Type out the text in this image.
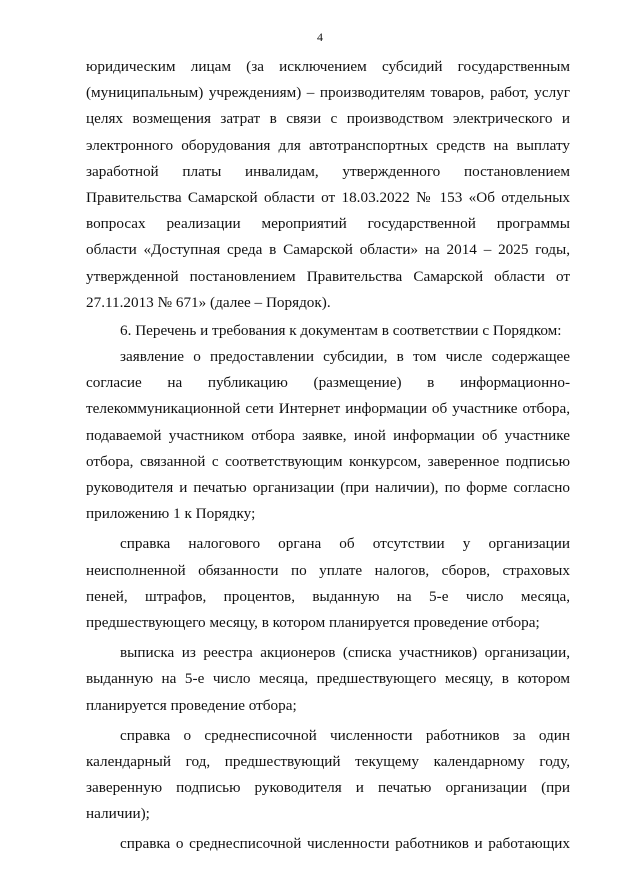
4

юридическим лицам (за исключением субсидий государственным
(муниципальным) учреждениям) – производителям товаров, работ, услуг
целях возмещения затрат в связи с производством электрического и
электронного оборудования для автотранспортных средств на выплату
заработной платы инвалидам, утвержденного постановлением
Правительства Самарской области от 18.03.2022 № 153 «Об отдельных
вопросах реализации мероприятий государственной программы
области «Доступная среда в Самарской области» на 2014 – 2025 годы,
утвержденной постановлением Правительства Самарской области от
27.11.2013 № 671» (далее – Порядок).

6. Перечень и требования к документам в соответствии с Порядком:

заявление о предоставлении субсидии, в том числе содержащее
согласие на публикацию (размещение) в информационно-
телекоммуникационной сети Интернет информации об участнике отбора,
подаваемой участником отбора заявке, иной информации об участнике
отбора, связанной с соответствующим конкурсом, заверенное подписью
руководителя и печатью организации (при наличии), по форме согласно
приложению 1 к Порядку;

справка налогового органа об отсутствии у организации
неисполненной обязанности по уплате налогов, сборов, страховых
пеней, штрафов, процентов, выданную на 5-е число месяца,
предшествующего месяцу, в котором планируется проведение отбора;

выписка из реестра акционеров (списка участников) организации,
выданную на 5-е число месяца, предшествующего месяцу, в котором
планируется проведение отбора;

справка о среднесписочной численности работников за один
календарный год, предшествующий текущему календарному году,
заверенную подписью руководителя и печатью организации (при
наличии);

справка о среднесписочной численности работников и работающих
